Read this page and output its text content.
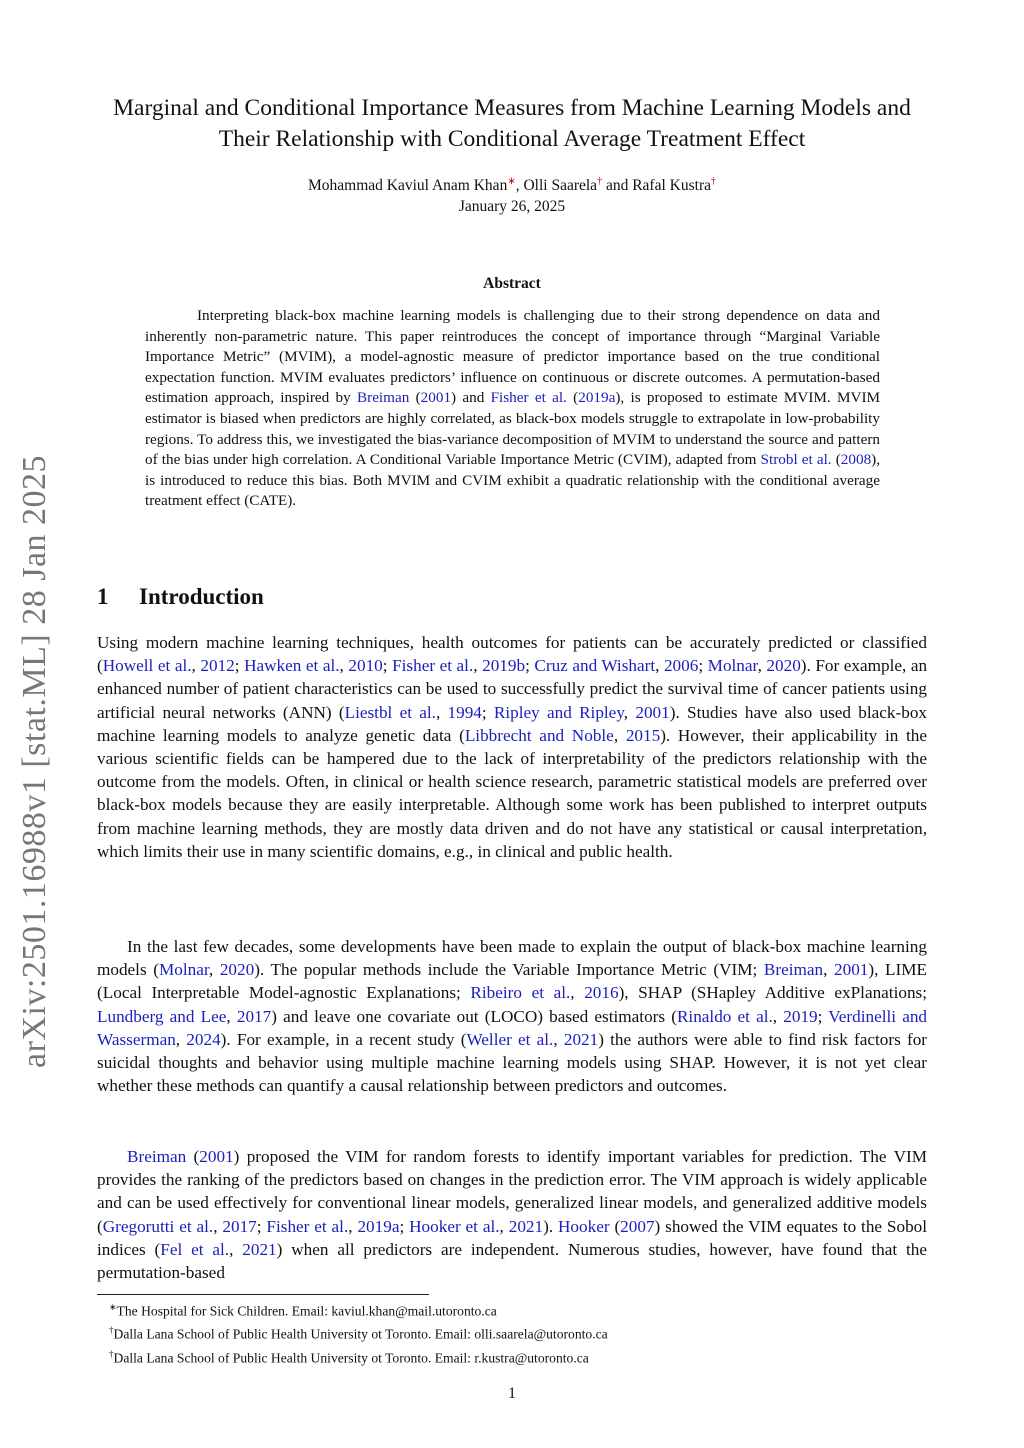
arXiv:2501.16988v1 [stat.ML] 28 Jan 2025
Marginal and Conditional Importance Measures from Machine Learning Models and Their Relationship with Conditional Average Treatment Effect
Mohammad Kaviul Anam Khan∗, Olli Saarela† and Rafal Kustra†
January 26, 2025
Abstract

Interpreting black-box machine learning models is challenging due to their strong dependence on data and inherently non-parametric nature. This paper reintroduces the concept of importance through “Marginal Variable Importance Metric” (MVIM), a model-agnostic measure of predictor importance based on the true conditional expectation function. MVIM evaluates predictors’ influence on continuous or discrete outcomes. A permutation-based estimation approach, inspired by Breiman (2001) and Fisher et al. (2019a), is proposed to estimate MVIM. MVIM estimator is biased when predictors are highly correlated, as black-box models struggle to extrapolate in low-probability regions. To address this, we investigated the bias-variance decomposition of MVIM to understand the source and pattern of the bias under high correlation. A Conditional Variable Importance Metric (CVIM), adapted from Strobl et al. (2008), is introduced to reduce this bias. Both MVIM and CVIM exhibit a quadratic relationship with the conditional average treatment effect (CATE).

1 Introduction

Using modern machine learning techniques, health outcomes for patients can be accurately predicted or classified (Howell et al., 2012; Hawken et al., 2010; Fisher et al., 2019b; Cruz and Wishart, 2006; Molnar, 2020). For example, an enhanced number of patient characteristics can be used to successfully predict the survival time of cancer patients using artificial neural networks (ANN) (Liestbl et al., 1994; Ripley and Ripley, 2001). Studies have also used black-box machine learning models to analyze genetic data (Libbrecht and Noble, 2015). However, their applicability in the various scientific fields can be hampered due to the lack of interpretability of the predictors relationship with the outcome from the models. Often, in clinical or health science research, parametric statistical models are preferred over black-box models because they are easily interpretable. Although some work has been published to interpret outputs from machine learning methods, they are mostly data driven and do not have any statistical or causal interpretation, which limits their use in many scientific domains, e.g., in clinical and public health.

In the last few decades, some developments have been made to explain the output of black-box machine learning models (Molnar, 2020). The popular methods include the Variable Importance Metric (VIM; Breiman, 2001), LIME (Local Interpretable Model-agnostic Explanations; Ribeiro et al., 2016), SHAP (SHapley Additive exPlanations; Lundberg and Lee, 2017) and leave one covariate out (LOCO) based estimators (Rinaldo et al., 2019; Verdinelli and Wasserman, 2024). For example, in a recent study (Weller et al., 2021) the authors were able to find risk factors for suicidal thoughts and behavior using multiple machine learning models using SHAP. However, it is not yet clear whether these methods can quantify a causal relationship between predictors and outcomes.

Breiman (2001) proposed the VIM for random forests to identify important variables for prediction. The VIM provides the ranking of the predictors based on changes in the prediction error. The VIM approach is widely applicable and can be used effectively for conventional linear models, generalized linear models, and generalized additive models (Gregorutti et al., 2017; Fisher et al., 2019a; Hooker et al., 2021). Hooker (2007) showed the VIM equates to the Sobol indices (Fel et al., 2021) when all predictors are independent. Numerous studies, however, have found that the permutation-based

∗The Hospital for Sick Children. Email: kaviul.khan@mail.utoronto.ca
†Dalla Lana School of Public Health University ot Toronto. Email: olli.saarela@utoronto.ca
†Dalla Lana School of Public Health University ot Toronto. Email: r.kustra@utoronto.ca
1
